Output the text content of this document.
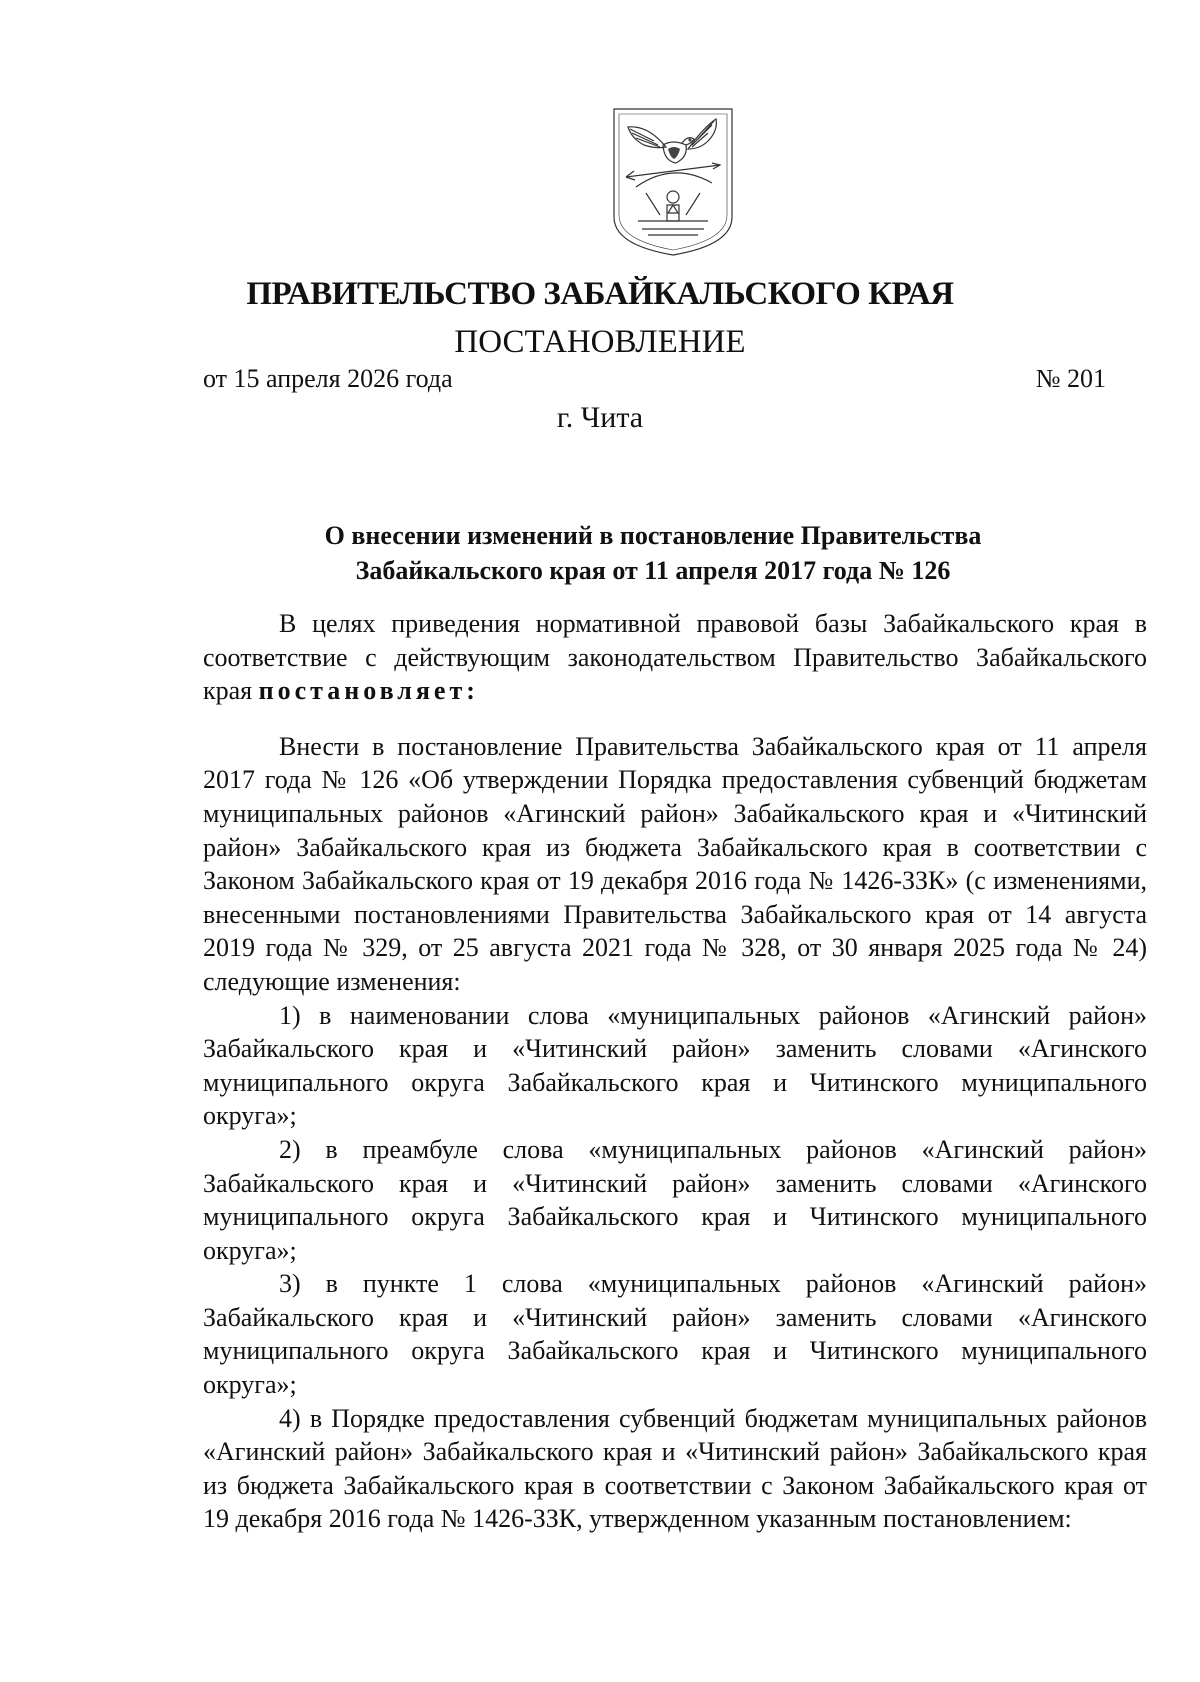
ПРАВИТЕЛЬСТВО ЗАБАЙКАЛЬСКОГО КРАЯ
ПОСТАНОВЛЕНИЕ
от 15 апреля 2026 года	№ 201
г. Чита
О внесении изменений в постановление Правительства
Забайкальского края от 11 апреля 2017 года № 126

В целях приведения нормативной правовой базы Забайкальского края в соответствие с действующим законодательством Правительство Забайкальского края постановляет:

Внести в постановление Правительства Забайкальского края от 11 апреля 2017 года № 126 «Об утверждении Порядка предоставления субвенций бюджетам муниципальных районов «Агинский район» Забайкальского края и «Читинский район» Забайкальского края из бюджета Забайкальского края в соответствии с Законом Забайкальского края от 19 декабря 2016 года № 1426-ЗЗК» (с изменениями, внесенными постановлениями Правительства Забайкальского края от 14 августа 2019 года № 329, от 25 августа 2021 года № 328, от 30 января 2025 года № 24) следующие изменения:

1) в наименовании слова «муниципальных районов «Агинский район» Забайкальского края и «Читинский район» заменить словами «Агинского муниципального округа Забайкальского края и Читинского муниципального округа»;

2) в преамбуле слова «муниципальных районов «Агинский район» Забайкальского края и «Читинский район» заменить словами «Агинского муниципального округа Забайкальского края и Читинского муниципального округа»;

3) в пункте 1 слова «муниципальных районов «Агинский район» Забайкальского края и «Читинский район» заменить словами «Агинского муниципального округа Забайкальского края и Читинского муниципального округа»;

4) в Порядке предоставления субвенций бюджетам муниципальных районов «Агинский район» Забайкальского края и «Читинский район» Забайкальского края из бюджета Забайкальского края в соответствии с Законом Забайкальского края от 19 декабря 2016 года № 1426-ЗЗК, утвержденном указанным постановлением:
